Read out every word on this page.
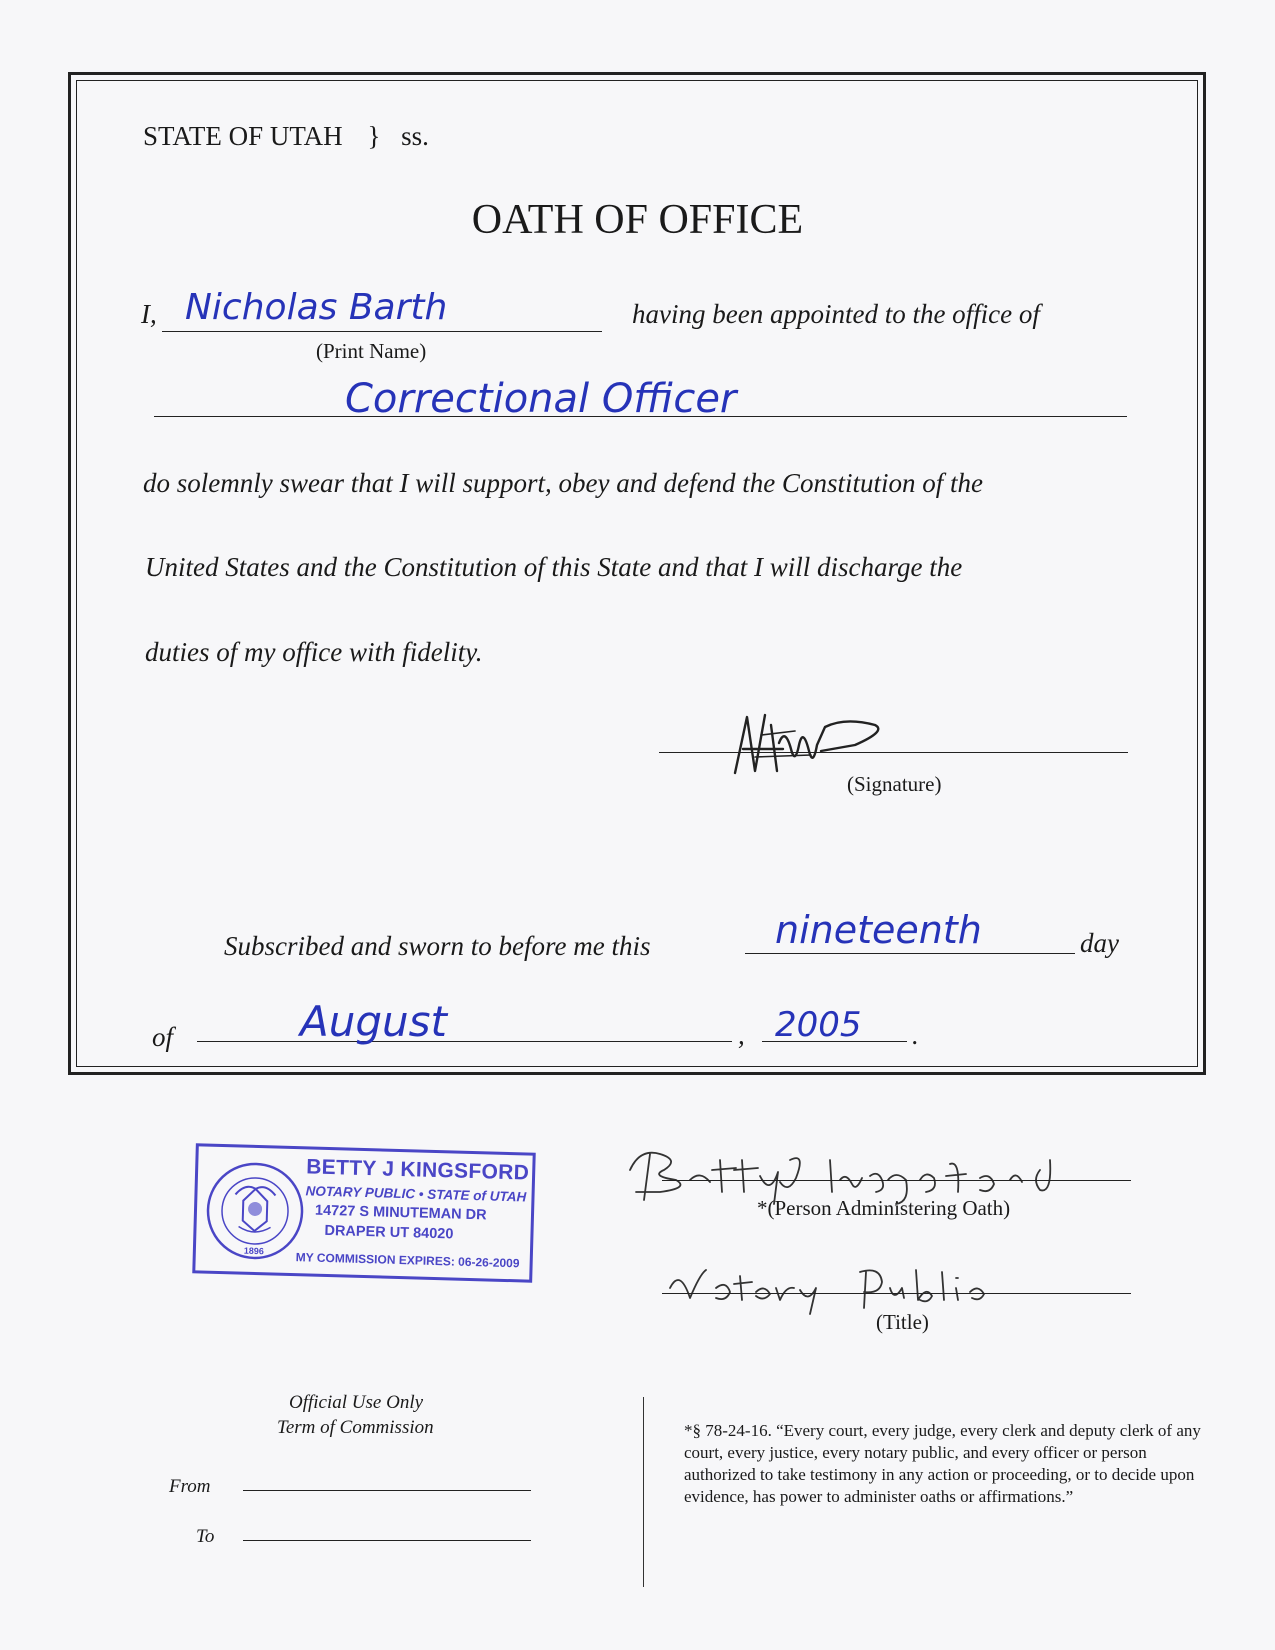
STATE OF UTAH } ss.
OATH OF OFFICE
I, Nicholas Barth
(Print Name)
having been appointed to the office of
Correctional Officer
do solemnly swear that I will support, obey and defend the Constitution of the
United States and the Constitution of this State and that I will discharge the
duties of my office with fidelity.
(Signature)
Subscribed and sworn to before me this	nineteenth	day
of	August	, 2005 .
1896
BETTY J KINGSFORD
NOTARY PUBLIC • STATE of UTAH
14727 S MINUTEMAN DR
DRAPER UT 84020
MY COMMISSION EXPIRES: 06-26-2009
*(Person Administering Oath)
(Title)
Official Use Only
Term of Commission
From
To
*§ 78-24-16. “Every court, every judge, every clerk and deputy clerk of any court, every justice, every notary public, and every officer or person authorized to take testimony in any action or proceeding, or to decide upon evidence, has power to administer oaths or affirmations.”
